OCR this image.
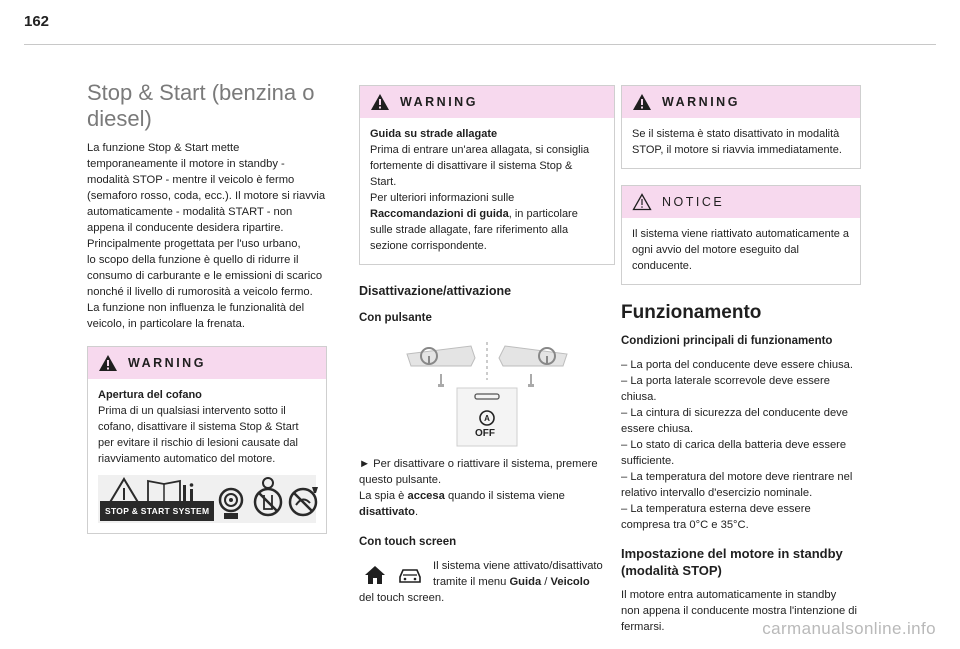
162
Stop & Start (benzina o
diesel)
La funzione Stop & Start mette
temporaneamente il motore in standby -
modalità STOP - mentre il veicolo è fermo
(semaforo rosso, coda, ecc.). Il motore si riavvia
automaticamente - modalità START - non
appena il conducente desidera ripartire.
Principalmente progettata per l'uso urbano,
lo scopo della funzione è quello di ridurre il
consumo di carburante e le emissioni di scarico
nonché il livello di rumorosità a veicolo fermo.
La funzione non influenza le funzionalità del
veicolo, in particolare la frenata.
WARNING
Apertura del cofano
Prima di un qualsiasi intervento sotto il
cofano, disattivare il sistema Stop & Start
per evitare il rischio di lesioni causate dal
riavviamento automatico del motore.
STOP & START SYSTEM
WARNING
Guida su strade allagate
Prima di entrare un'area allagata, si consiglia
fortemente di disattivare il sistema Stop &
Start.
Per ulteriori informazioni sulle
Raccomandazioni di guida, in particolare
sulle strade allagate, fare riferimento alla
sezione corrispondente.
Disattivazione/attivazione
Con pulsante
A
OFF
► Per disattivare o riattivare il sistema, premere
questo pulsante.
La spia è accesa quando il sistema viene
disattivato.
Con touch screen
Il sistema viene attivato/disattivato
tramite il menu Guida / Veicolo
del touch screen.
WARNING
Se il sistema è stato disattivato in modalità
STOP, il motore si riavvia immediatamente.
NOTICE
Il sistema viene riattivato automaticamente a
ogni avvio del motore eseguito dal
conducente.
Funzionamento
Condizioni principali di funzionamento
– La porta del conducente deve essere chiusa.
– La porta laterale scorrevole deve essere
chiusa.
– La cintura di sicurezza del conducente deve
essere chiusa.
– Lo stato di carica della batteria deve essere
sufficiente.
– La temperatura del motore deve rientrare nel
relativo intervallo d'esercizio nominale.
– La temperatura esterna deve essere
compresa tra 0°C e 35°C.
Impostazione del motore in standby
(modalità STOP)
Il motore entra automaticamente in standby
non appena il conducente mostra l'intenzione di
fermarsi.	carmanualsonline.info
